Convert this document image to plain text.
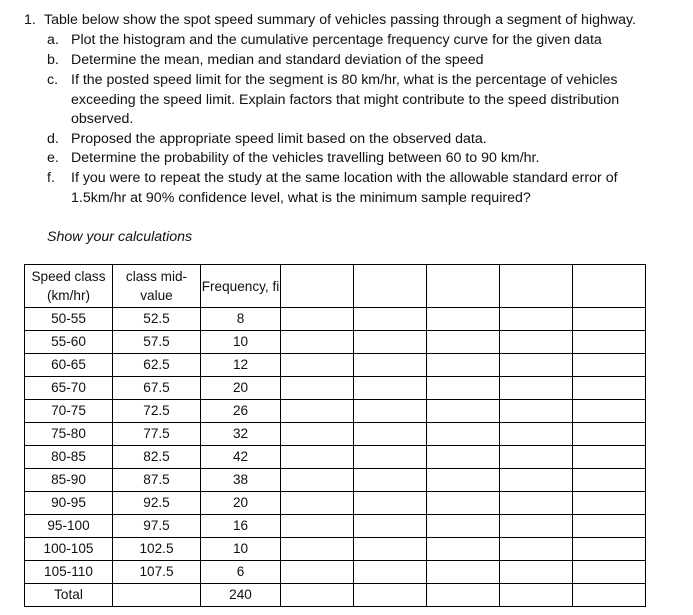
1. Table below show the spot speed summary of vehicles passing through a segment of highway.
a. Plot the histogram and the cumulative percentage frequency curve for the given data
b. Determine the mean, median and standard deviation of the speed
c. If the posted speed limit for the segment is 80 km/hr, what is the percentage of vehicles exceeding the speed limit. Explain factors that might contribute to the speed distribution observed.
d. Proposed the appropriate speed limit based on the observed data.
e. Determine the probability of the vehicles travelling between 60 to 90 km/hr.
f. If you were to repeat the study at the same location with the allowable standard error of 1.5km/hr at 90% confidence level, what is the minimum sample required?
Show your calculations
Speed class (km/hr)	class mid-value	Frequency, fi					
50-55	52.5	8					
55-60	57.5	10					
60-65	62.5	12					
65-70	67.5	20					
70-75	72.5	26					
75-80	77.5	32					
80-85	82.5	42					
85-90	87.5	38					
90-95	92.5	20					
95-100	97.5	16					
100-105	102.5	10					
105-110	107.5	6					
Total		240					
